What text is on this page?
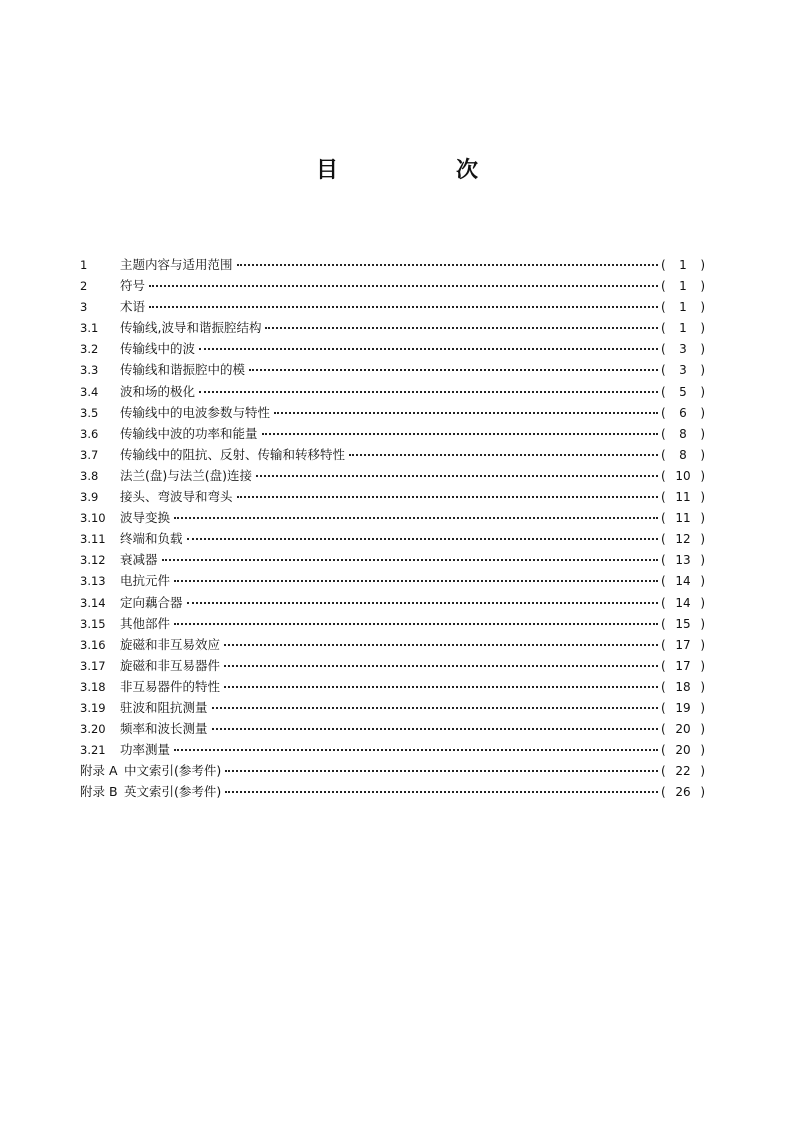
目　次
1	主题内容与适用范围	(	1	)
2	符号	(	1	)
3	术语	(	1	)
3.1	传输线,波导和谐振腔结构	(	1	)
3.2	传输线中的波	(	3	)
3.3	传输线和谐振腔中的模	(	3	)
3.4	波和场的极化	(	5	)
3.5	传输线中的电波参数与特性	(	6	)
3.6	传输线中波的功率和能量	(	8	)
3.7	传输线中的阻抗、反射、传输和转移特性	(	8	)
3.8	法兰(盘)与法兰(盘)连接	( 10 )
3.9	接头、弯波导和弯头	( 11 )
3.10	波导变换	( 11 )
3.11	终端和负载	( 12 )
3.12	衰减器	( 13 )
3.13	电抗元件	( 14 )
3.14	定向藕合器	( 14 )
3.15	其他部件	( 15 )
3.16	旋磁和非互易效应	( 17 )
3.17	旋磁和非互易器件	( 17 )
3.18	非互易器件的特性	( 18 )
3.19	驻波和阻抗测量	( 19 )
3.20	频率和波长测量	( 20 )
3.21	功率测量	( 20 )
附录 A 中文索引(参考件)	( 22 )
附录 B 英文索引(参考件)	( 26 )
